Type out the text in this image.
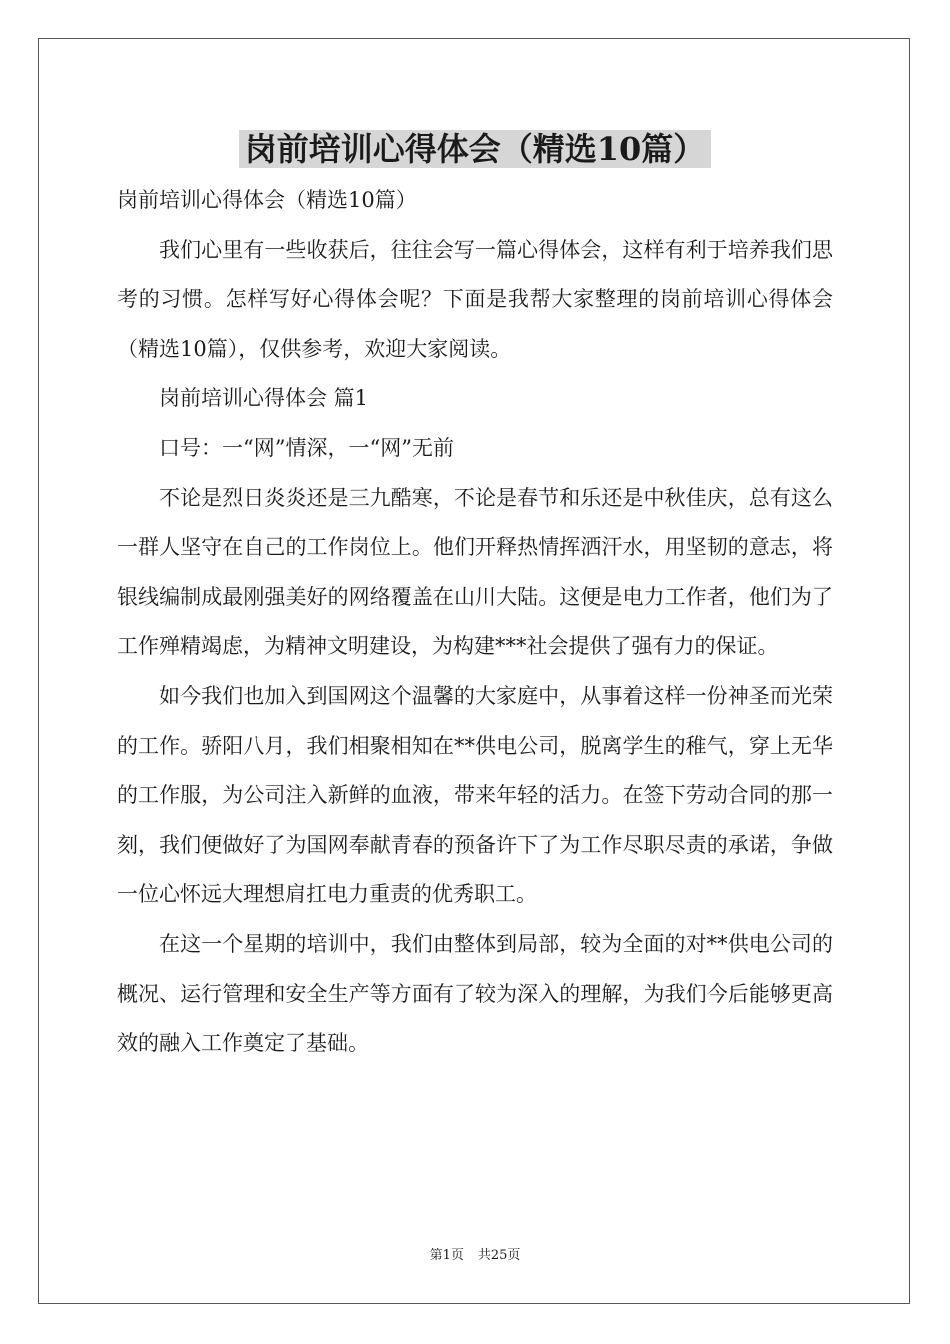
岗前培训心得体会（精选10篇）

岗前培训心得体会（精选10篇）

我们心里有一些收获后，往往会写一篇心得体会，这样有利于培养我们思考的习惯。怎样写好心得体会呢？下面是我帮大家整理的岗前培训心得体会（精选10篇），仅供参考，欢迎大家阅读。

岗前培训心得体会 篇1

口号：一“网”情深，一“网”无前

不论是烈日炎炎还是三九酷寒，不论是春节和乐还是中秋佳庆，总有这么一群人坚守在自己的工作岗位上。他们开释热情挥洒汗水，用坚韧的意志，将银线编制成最刚强美好的网络覆盖在山川大陆。这便是电力工作者，他们为了工作殚精竭虑，为精神文明建设，为构建***社会提供了强有力的保证。

如今我们也加入到国网这个温馨的大家庭中，从事着这样一份神圣而光荣的工作。骄阳八月，我们相聚相知在**供电公司，脱离学生的稚气，穿上无华的工作服，为公司注入新鲜的血液，带来年轻的活力。在签下劳动合同的那一刻，我们便做好了为国网奉献青春的预备许下了为工作尽职尽责的承诺，争做一位心怀远大理想肩扛电力重责的优秀职工。

在这一个星期的培训中，我们由整体到局部，较为全面的对**供电公司的概况、运行管理和安全生产等方面有了较为深入的理解，为我们今后能够更高效的融入工作奠定了基础。

第1页 共25页
